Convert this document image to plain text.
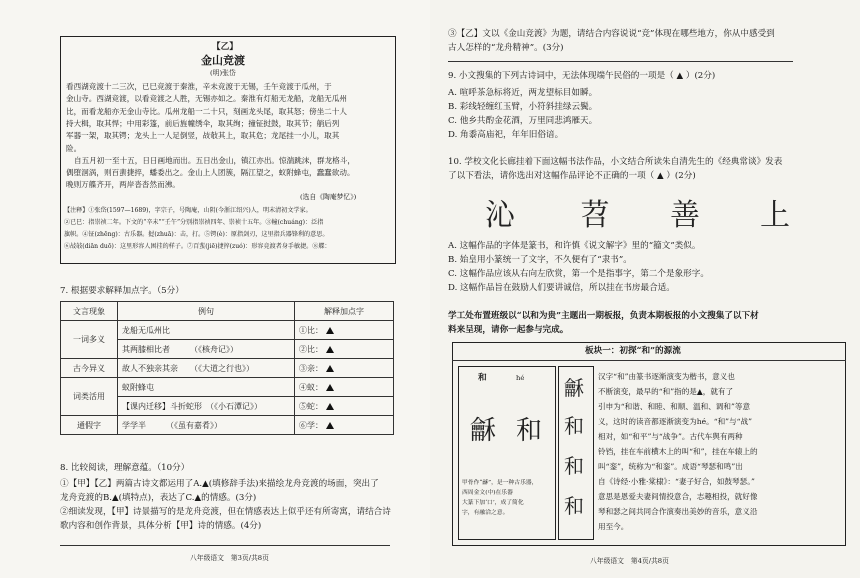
【乙】
金山竞渡
(明)张岱
看西湖竞渡十二三次，已巳竞渡于秦淮，辛未竞渡于无锡，壬午竞渡于瓜州，于
金山寺。西湖竞渡，以看竞渡之人胜，无锡亦如之。秦淮有灯船无龙船，龙船无瓜州
比，而看龙船亦无金山寺比。瓜州龙船一二十只，刻画龙头尾，取其怒；傍坐二十人
持大楫，取其悍；中用彩篷，前后旌幢绣伞，取其绚；撞钲挝鼓，取其节；艄后列
军器一架，取其锷；龙头上一人足倒竖，敁敧其上，取其危；龙尾挂一小儿，取其
险。
自五月初一至十五，日日画地而出。五日出金山，镇江亦出。惊湍跳沫，群龙格斗，
偶堕洄涡，则百蜚捷捽，蟠委出之。金山上人团簇，隔江望之，蚁附蜂屯，蠢蠢欲动。
晚则万艓齐开，两岸沓沓然而沸。
(选自《陶庵梦忆》)
【注释】①张岱(1597—1689)，字宗子，号陶庵，山阴(今浙江绍兴)人，明末清初文学家。
②已巳：指崇祯二年。下文的“辛未”“壬午”分别指崇祯四年、崇祯十五年。③幢(chuáng)：泛指
旗帜。④钲(zhēng)：古乐器。挝(zhuā)：击，打。⑤锷(è)：原指剑刃，这里指兵器锋利的意思。
⑥敁敧(diān duō)：这里形容人困挂的样子。⑦百蜚(jiē)捷捽(zuó)：形容竞渡者身手敏捷。⑧艓：
7. 根据要求解释加点字。（5分）
文言现象	例句	解释加点字
一词多义	龙船无瓜州比	①比：
	其两膝相比者　　　（《核舟记》）	②比：
古今异义	故人不独亲其亲　　（《大道之行也》）	③亲：
词类活用	蚁附蜂屯	④蚁：
	【课内迁移】斗折蛇形　（《小石潭记》）	⑤蛇：
通假字	学学半　　　（《虽有嘉肴》）	⑥学：
8. 比较阅读，理解意蕴。（10分）
①【甲】【乙】两篇古诗文都运用了A.▲(填修辞手法)来描绘龙舟竞渡的场面，突出了
龙舟竞渡的B.▲(填特点)，表达了C.▲的情感。(3分)
②细读发现，【甲】诗景描写的是龙舟竞渡，但在情感表达上似乎还有所寄寓，请结合诗
歌内容和创作背景，具体分析【甲】诗的情感。(4分)
八年级语文　第3页/共8页
③【乙】文以《金山竞渡》为题，请结合内容说说“竞”体现在哪些地方，你从中感受到
古人怎样的“龙舟精神”。(3分)
9. 小文搜集的下列古诗词中，无法体现端午民俗的一项是（ ▲ ）(2分)
A. 喧呼茶急标将近，两龙望标目如瞬。
B. 彩线轻缠红玉臂，小符斜挂绿云鬓。
C. 他乡共酌金花酒，万里同悲鸿雁天。
D. 角黍高庙祀，年年旧俗谙。
10. 学校文化长廊挂着下面这幅书法作品，小文结合所读朱自清先生的《经典常谈》发表
了以下看法，请你选出对这幅作品评论不正确的一项（ ▲ ）(2分)
沁 苕 善 上
A. 这幅作品的字体是篆书，和许慎《说文解字》里的“籀文”类似。
B. 始皇用小篆统一了文字，不久便有了“隶书”。
C. 这幅作品应该从右向左欣赏，第一个是指事字，第二个是象形字。
D. 这幅作品旨在鼓励人们要讲诚信，所以挂在书房最合适。
学工处布置班级以“以和为贵”主题出一期板报，负责本期板报的小文搜集了以下材
料来呈现，请你一起参与完成。
板块一：初探“和”的源流
和	hé
龢 和
甲骨作“龢”，是一种古乐器，
西周金文(中)在乐器
大篆下加‘口’，成了简化
字，有融洽之意。
龢
和
和
和
汉字“和”由篆书逐渐演变为楷书，意义也
不断演变，最早的“和”指的是▲，就有了
引申为“和谐、和睦、和顺、温和、调和”等意
义，这时的读音都逐渐演变为hé。“和”与“战”
相对，如“和平”与“战争”。古代车舆有两种
铃铛，挂在车前横木上的叫“和”，挂在车辕上的
叫“銮”，统称为“和銮”。成语“琴瑟和鸣”出
自《诗经·小雅·棠棣》：“妻子好合，如鼓琴瑟。”
意思是恩爱夫妻间情投意合，志趣相投，就好像
琴和瑟之间共同合作演奏出美妙的音乐，意义沿
用至今。
八年级语文　第4页/共8页
